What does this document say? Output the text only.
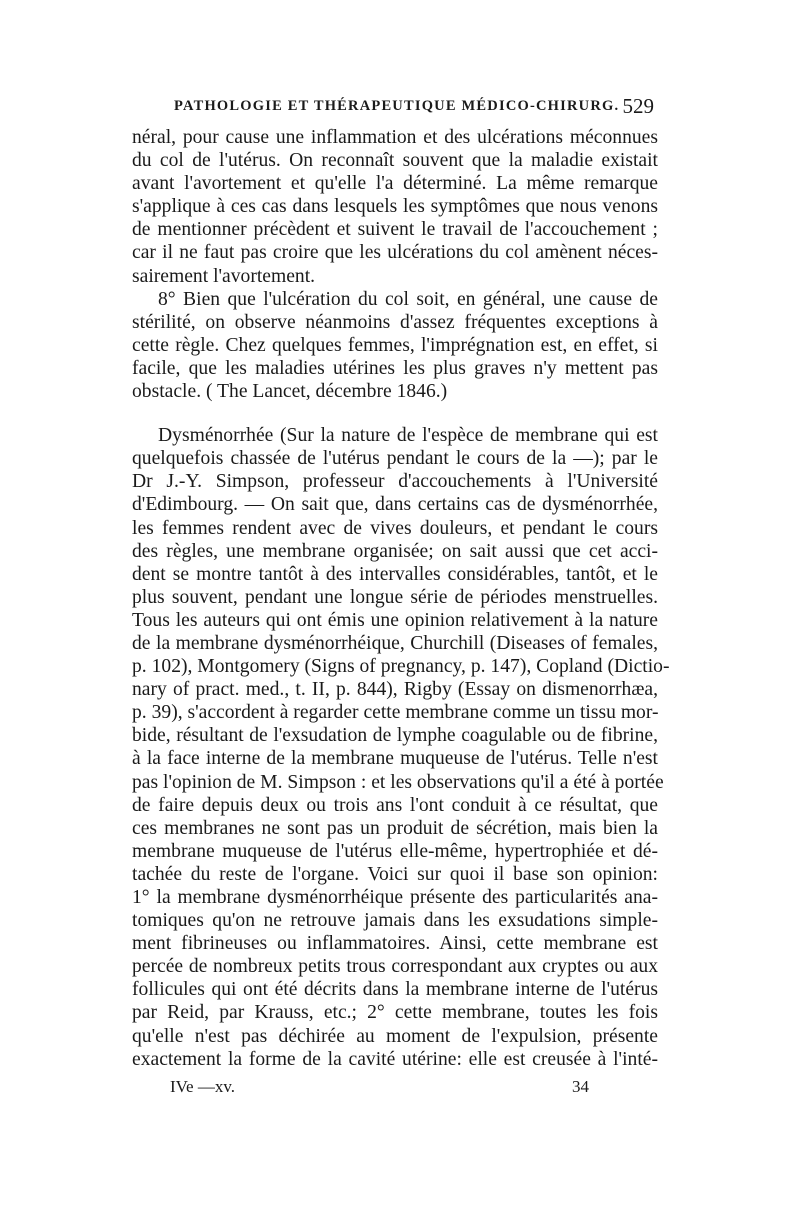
PATHOLOGIE ET THÉRAPEUTIQUE MÉDICO-CHIRURG. 529
néral, pour cause une inflammation et des ulcérations méconnues
du col de l'utérus. On reconnaît souvent que la maladie existait
avant l'avortement et qu'elle l'a déterminé. La même remarque
s'applique à ces cas dans lesquels les symptômes que nous venons
de mentionner précèdent et suivent le travail de l'accouchement ;
car il ne faut pas croire que les ulcérations du col amènent néces-
sairement l'avortement.
8° Bien que l'ulcération du col soit, en général, une cause de
stérilité, on observe néanmoins d'assez fréquentes exceptions à
cette règle. Chez quelques femmes, l'imprégnation est, en effet, si
facile, que les maladies utérines les plus graves n'y mettent pas
obstacle. ( The Lancet, décembre 1846.)
Dysménorrhée (Sur la nature de l'espèce de membrane qui est
quelquefois chassée de l'utérus pendant le cours de la —); par le
Dr J.-Y. Simpson, professeur d'accouchements à l'Université
d'Edimbourg. — On sait que, dans certains cas de dysménorrhée,
les femmes rendent avec de vives douleurs, et pendant le cours
des règles, une membrane organisée; on sait aussi que cet acci-
dent se montre tantôt à des intervalles considérables, tantôt, et le
plus souvent, pendant une longue série de périodes menstruelles.
Tous les auteurs qui ont émis une opinion relativement à la nature
de la membrane dysménorrhéique, Churchill (Diseases of females,
p. 102), Montgomery (Signs of pregnancy, p. 147), Copland (Dictio-
nary of pract. med., t. II, p. 844), Rigby (Essay on dismenorrhæa,
p. 39), s'accordent à regarder cette membrane comme un tissu mor-
bide, résultant de l'exsudation de lymphe coagulable ou de fibrine,
à la face interne de la membrane muqueuse de l'utérus. Telle n'est
pas l'opinion de M. Simpson : et les observations qu'il a été à portée
de faire depuis deux ou trois ans l'ont conduit à ce résultat, que
ces membranes ne sont pas un produit de sécrétion, mais bien la
membrane muqueuse de l'utérus elle-même, hypertrophiée et dé-
tachée du reste de l'organe. Voici sur quoi il base son opinion:
1° la membrane dysménorrhéique présente des particularités ana-
tomiques qu'on ne retrouve jamais dans les exsudations simple-
ment fibrineuses ou inflammatoires. Ainsi, cette membrane est
percée de nombreux petits trous correspondant aux cryptes ou aux
follicules qui ont été décrits dans la membrane interne de l'utérus
par Reid, par Krauss, etc.; 2° cette membrane, toutes les fois
qu'elle n'est pas déchirée au moment de l'expulsion, présente
exactement la forme de la cavité utérine: elle est creusée à l'inté-
IVe —xv.	34
